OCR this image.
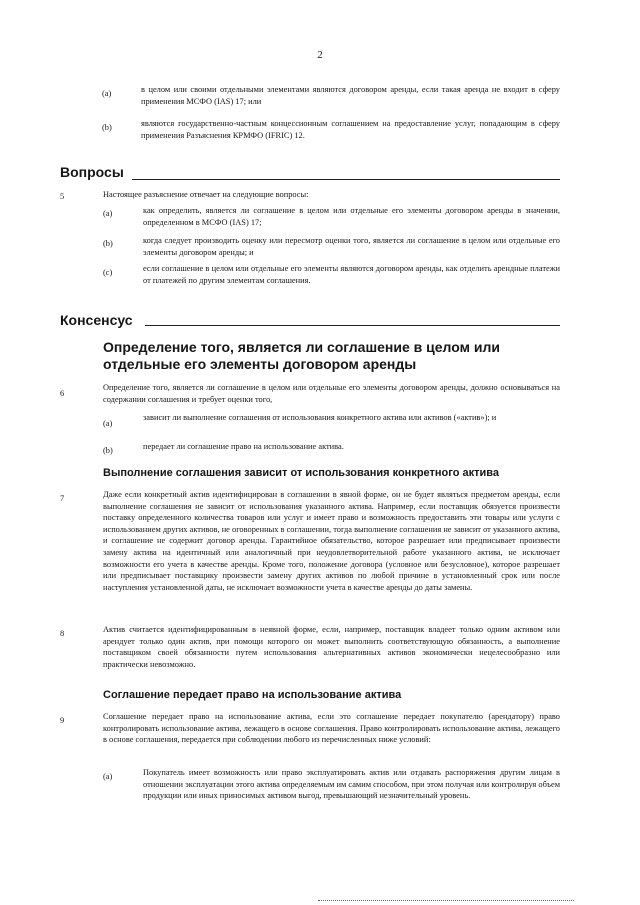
2
(a)	в целом или своими отдельными элементами являются договором аренды, если такая аренда не входит в сферу применения МСФО (IAS) 17; или
(b)	являются государственно-частным концессионным соглашением на предоставление услуг, попадающим в сферу применения Разъяснения КРМФО (IFRIC) 12.
Вопросы
5	Настоящее разъяснение отвечает на следующие вопросы:
(a)	как определить, является ли соглашение в целом или отдельные его элементы договором аренды в значении, определенном в МСФО (IAS) 17;
(b)	когда следует производить оценку или пересмотр оценки того, является ли соглашение в целом или отдельные его элементы договором аренды; и
(c)	если соглашение в целом или отдельные его элементы являются договором аренды, как отделить арендные платежи от платежей по другим элементам соглашения.
Консенсус
Определение того, является ли соглашение в целом или отдельные его элементы договором аренды
6
Определение того, является ли соглашение в целом или отдельные его элементы договором аренды, должно основываться на содержании соглашения и требует оценки того,
(a)
зависит ли выполнение соглашения от использования конкретного актива или активов («актив»); и
(b)	передает ли соглашение право на использование актива.
Выполнение соглашения зависит от использования конкретного актива
7	Даже если конкретный актив идентифицирован в соглашении в явной форме, он не будет являться предметом аренды, если выполнение соглашения не зависит от использования указанного актива. Например, если поставщик обязуется произвести поставку определенного количества товаров или услуг и имеет право и возможность предоставить эти товары или услуги с использованием других активов, не оговоренных в соглашении, тогда выполнение соглашения не зависит от указанного актива, и соглашение не содержит договор аренды. Гарантийное обязательство, которое разрешает или предписывает произвести замену актива на идентичный или аналогичный при неудовлетворительной работе указанного актива, не исключает возможности его учета в качестве аренды. Кроме того, положение договора (условное или безусловное), которое разрешает или предписывает поставщику произвести замену других активов по любой причине в установленный срок или после наступления установленной даты, не исключает возможности учета в качестве аренды до даты замены.
8	Актив считается идентифицированным в неявной форме, если, например, поставщик владеет только одним активом или арендует только один актив, при помощи которого он может выполнить соответствующую обязанность, а выполнение поставщиком своей обязанности путем использования альтернативных активов экономически нецелесообразно или практически невозможно.
Соглашение передает право на использование актива
9	Соглашение передает право на использование актива, если это соглашение передает покупателю (арендатору) право контролировать использование актива, лежащего в основе соглашения. Право контролировать использование актива, лежащего в основе соглашения, передается при соблюдении любого из перечисленных ниже условий:
(a)	Покупатель имеет возможность или право эксплуатировать актив или отдавать распоряжения другим лицам в отношении эксплуатации этого актива определяемым им самим способом, при этом получая или контролируя объем продукции или иных приносимых активом выгод, превышающий незначительный уровень.
